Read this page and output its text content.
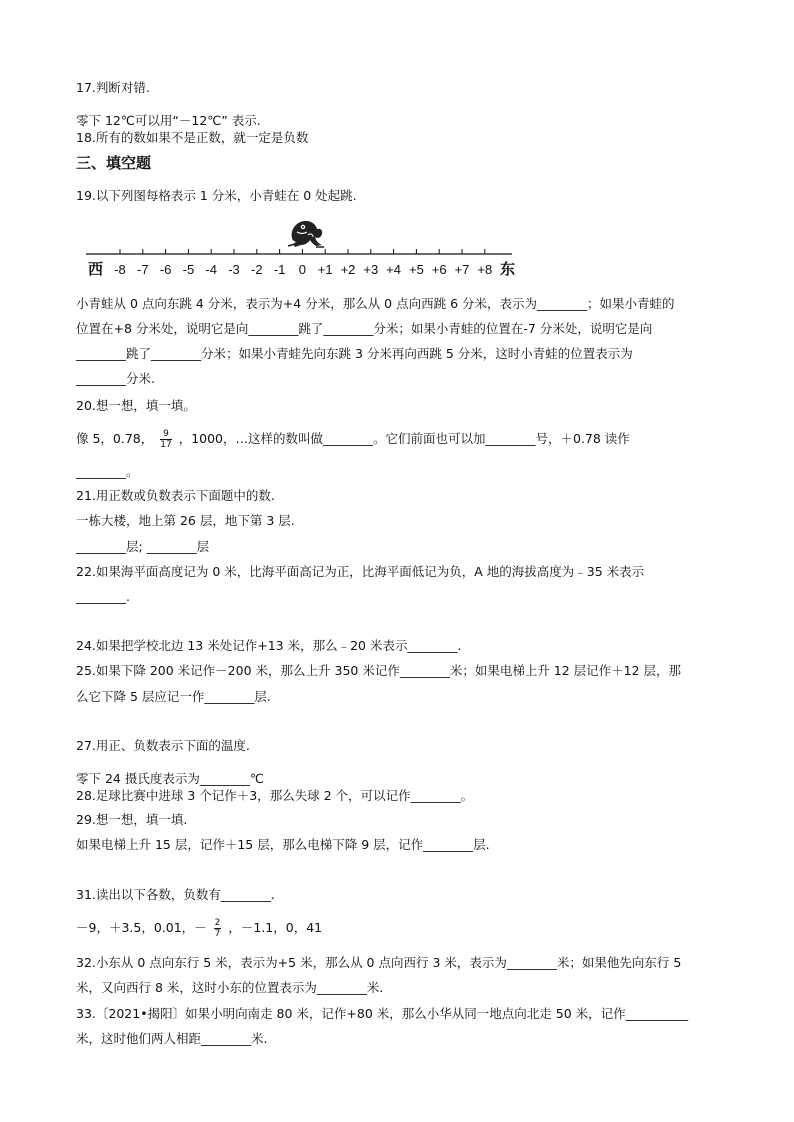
17.判断对错.
零下 12℃可以用“－12℃” 表示.
18.所有的数如果不是正数，就一定是负数
三、填空题
19.以下列图每格表示 1 分米，小青蛙在 0 处起跳.
西	东
-8 -7 -6 -5 -4 -3 -2 -1 0 +1 +2 +3 +4 +5 +6 +7 +8
小青蛙从 0 点向东跳 4 分米，表示为+4 分米，那么从 0 点向西跳 6 分米，表示为________；如果小青蛙的
位置在+8 分米处，说明它是向________跳了________分米；如果小青蛙的位置在-7 分米处，说明它是向
________跳了________分米；如果小青蛙先向东跳 3 分米再向西跳 5 分米，这时小青蛙的位置表示为
________分米.
20.想一想，填一填。
像 5，0.78， $\frac{9}{17}$ ，1000，…这样的数叫做________。它们前面也可以加________号，＋0.78 读作
________。
21.用正数或负数表示下面题中的数.
一栋大楼，地上第 26 层，地下第 3 层.
________层; ________层
22.如果海平面高度记为 0 米，比海平面高记为正，比海平面低记为负，A 地的海拔高度为﹣35 米表示
________.
24.如果把学校北边 13 米处记作+13 米，那么﹣20 米表示________.
25.如果下降 200 米记作－200 米，那么上升 350 米记作________米；如果电梯上升 12 层记作＋12 层，那
么它下降 5 层应记一作________层.
27.用正、负数表示下面的温度.
零下 24 摄氏度表示为________℃
28.足球比赛中进球 3 个记作＋3，那么失球 2 个，可以记作________。
29.想一想，填一填.
如果电梯上升 15 层，记作＋15 层，那么电梯下降 9 层，记作________层.
31.读出以下各数，负数有________.
－9，＋3.5，0.01，－ $\frac{2}{7}$ ，－1.1，0，41
32.小东从 0 点向东行 5 米，表示为+5 米，那么从 0 点向西行 3 米，表示为________米；如果他先向东行 5
米，又向西行 8 米，这时小东的位置表示为________米.
33.〔2021•揭阳〕如果小明向南走 80 米，记作+80 米，那么小华从同一地点向北走 50 米，记作__________
米，这时他们两人相距________米.
